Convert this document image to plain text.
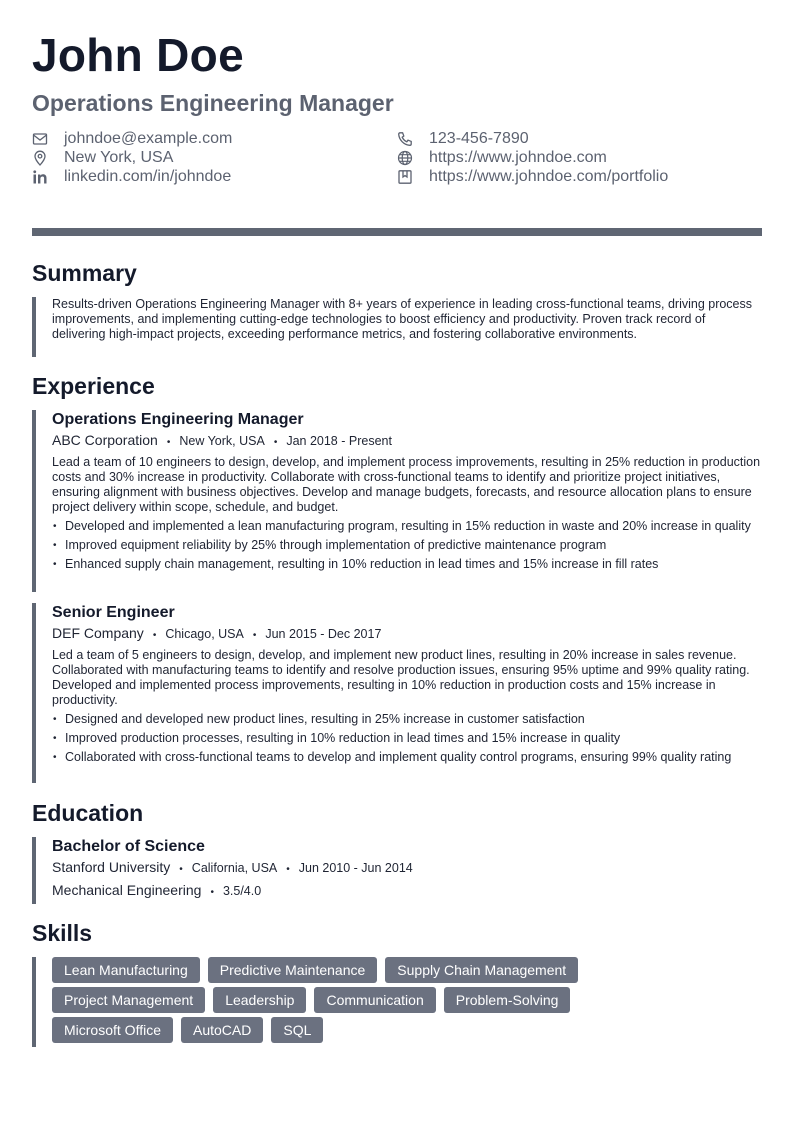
John Doe
Operations Engineering Manager
johndoe@example.com
New York, USA
linkedin.com/in/johndoe
123-456-7890
https://www.johndoe.com
https://www.johndoe.com/portfolio
Summary
Results-driven Operations Engineering Manager with 8+ years of experience in leading cross-functional teams, driving process improvements, and implementing cutting-edge technologies to boost efficiency and productivity. Proven track record of delivering high-impact projects, exceeding performance metrics, and fostering collaborative environments.
Experience
Operations Engineering Manager
ABC Corporation • New York, USA • Jan 2018 - Present
Lead a team of 10 engineers to design, develop, and implement process improvements, resulting in 25% reduction in production costs and 30% increase in productivity. Collaborate with cross-functional teams to identify and prioritize project initiatives, ensuring alignment with business objectives. Develop and manage budgets, forecasts, and resource allocation plans to ensure project delivery within scope, schedule, and budget.
• Developed and implemented a lean manufacturing program, resulting in 15% reduction in waste and 20% increase in quality
• Improved equipment reliability by 25% through implementation of predictive maintenance program
• Enhanced supply chain management, resulting in 10% reduction in lead times and 15% increase in fill rates
Senior Engineer
DEF Company • Chicago, USA • Jun 2015 - Dec 2017
Led a team of 5 engineers to design, develop, and implement new product lines, resulting in 20% increase in sales revenue. Collaborated with manufacturing teams to identify and resolve production issues, ensuring 95% uptime and 99% quality rating. Developed and implemented process improvements, resulting in 10% reduction in production costs and 15% increase in productivity.
• Designed and developed new product lines, resulting in 25% increase in customer satisfaction
• Improved production processes, resulting in 10% reduction in lead times and 15% increase in quality
• Collaborated with cross-functional teams to develop and implement quality control programs, ensuring 99% quality rating
Education
Bachelor of Science
Stanford University • California, USA • Jun 2010 - Jun 2014
Mechanical Engineering • 3.5/4.0
Skills
Lean Manufacturing	Predictive Maintenance	Supply Chain Management
Project Management	Leadership	Communication	Problem-Solving
Microsoft Office	AutoCAD	SQL
